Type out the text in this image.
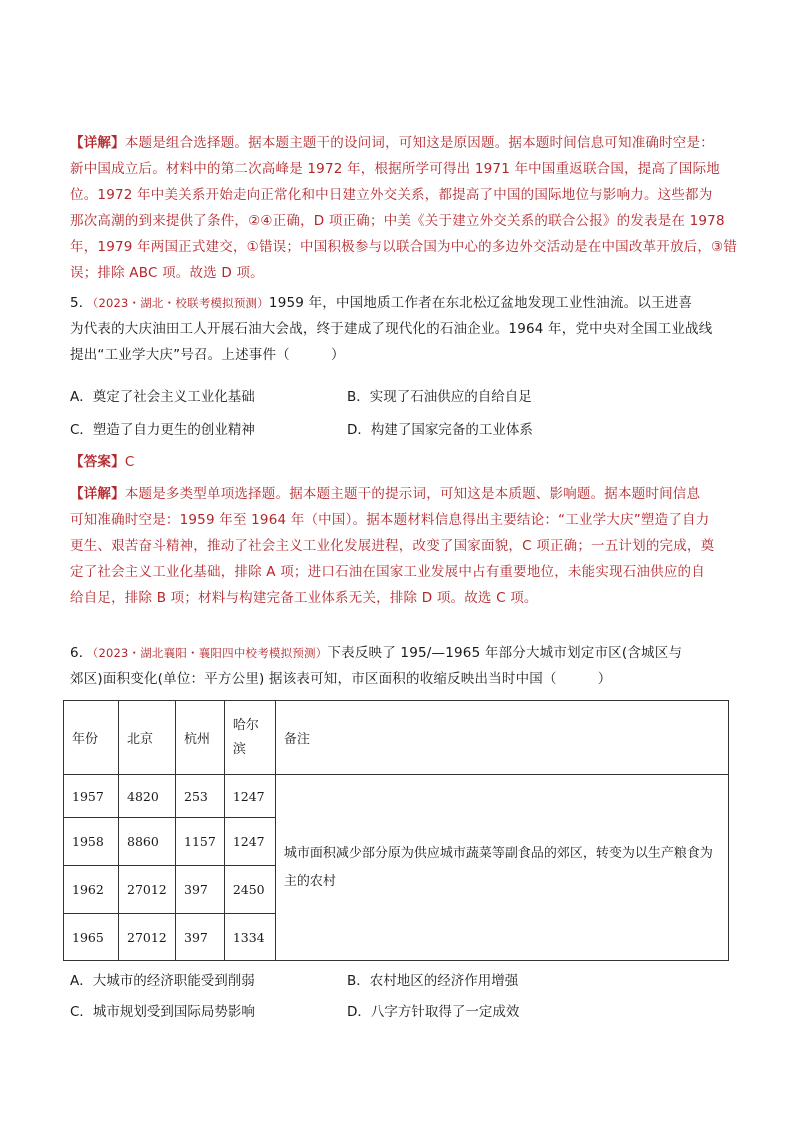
【详解】本题是组合选择题。据本题主题干的设问词，可知这是原因题。据本题时间信息可知准确时空是：
新中国成立后。材料中的第二次高峰是 1972 年，根据所学可得出 1971 年中国重返联合国，提高了国际地
位。1972 年中美关系开始走向正常化和中日建立外交关系，都提高了中国的国际地位与影响力。这些都为
那次高潮的到来提供了条件，②④正确，D 项正确；中美《关于建立外交关系的联合公报》的发表是在 1978
年，1979 年两国正式建交，①错误；中国积极参与以联合国为中心的多边外交活动是在中国改革开放后，③错
误；排除 ABC 项。故选 D 项。
5．（2023・湖北・校联考模拟预测）1959 年，中国地质工作者在东北松辽盆地发现工业性油流。以王进喜
为代表的大庆油田工人开展石油大会战，终于建成了现代化的石油企业。1964 年，党中央对全国工业战线
提出“工业学大庆”号召。上述事件（　　　）
A．奠定了社会主义工业化基础	B．实现了石油供应的自给自足
C．塑造了自力更生的创业精神	D．构建了国家完备的工业体系
【答案】C
【详解】本题是多类型单项选择题。据本题主题干的提示词，可知这是本质题、影响题。据本题时间信息
可知准确时空是：1959 年至 1964 年（中国）。据本题材料信息得出主要结论：“工业学大庆”塑造了自力
更生、艰苦奋斗精神，推动了社会主义工业化发展进程，改变了国家面貌，C 项正确；一五计划的完成，奠
定了社会主义工业化基础，排除 A 项；进口石油在国家工业发展中占有重要地位，未能实现石油供应的自
给自足，排除 B 项；材料与构建完备工业体系无关，排除 D 项。故选 C 项。
6．（2023・湖北襄阳・襄阳四中校考模拟预测）下表反映了 195/—1965 年部分大城市划定市区(含城区与
郊区)面积变化(单位：平方公里) 据该表可知，市区面积的收缩反映出当时中国（　　　）
年份	北京	杭州	哈尔滨	备注
1957	4820	253	1247	城市面积减少部分原为供应城市蔬菜等副食品的郊区，转变为以生产粮食为主的农村
1958	8860	1157	1247	
1962	27012	397	2450	
1965	27012	397	1334	
A．大城市的经济职能受到削弱	B．农村地区的经济作用增强
C．城市规划受到国际局势影响	D．八字方针取得了一定成效
